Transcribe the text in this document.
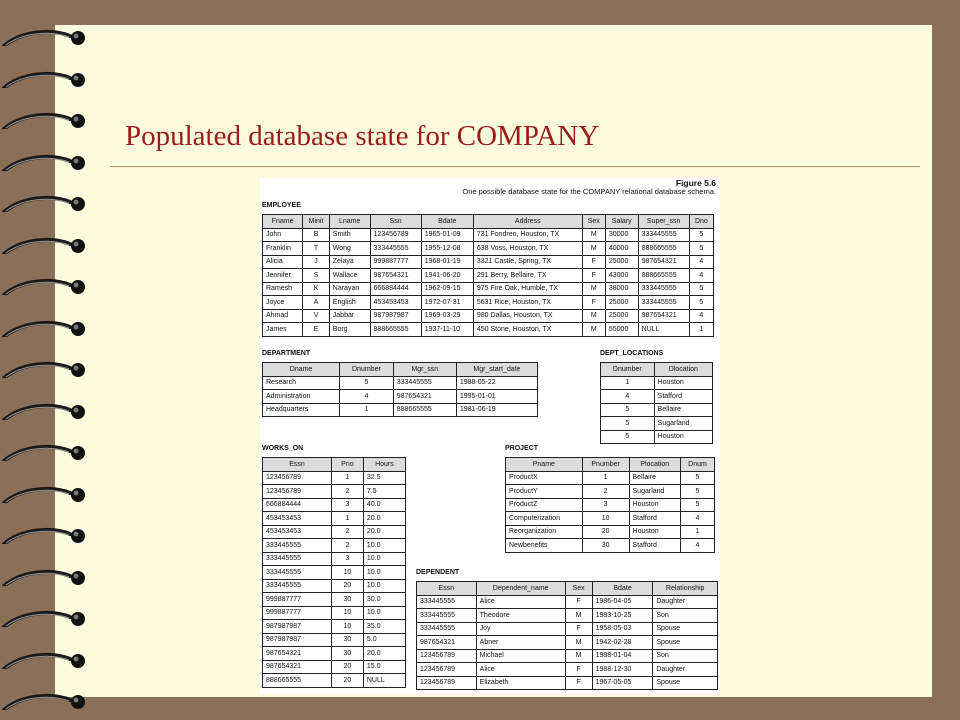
Populated database state for COMPANY
Figure 5.6
One possible database state for the COMPANY relational database schema.
EMPLOYEE
Fname	Minit	Lname	Ssn	Bdate	Address	Sex	Salary	Super_ssn	Dno
John	B	Smith	123456789	1965-01-09	731 Fondren, Houston, TX	M	30000	333445555	5
Franklin	T	Wong	333445555	1955-12-08	638 Voss, Houston, TX	M	40000	888665555	5
Alicia	J	Zelaya	999887777	1968-01-19	3321 Castle, Spring, TX	F	25000	987654321	4
Jennifer	S	Wallace	987654321	1941-06-20	291 Berry, Bellaire, TX	F	43000	888665555	4
Ramesh	K	Narayan	666884444	1962-09-15	975 Fire Oak, Humble, TX	M	38000	333445555	5
Joyce	A	English	453453453	1972-07-31	5631 Rice, Houston, TX	F	25000	333445555	5
Ahmad	V	Jabbar	987987987	1969-03-29	980 Dallas, Houston, TX	M	25000	987654321	4
James	E	Borg	888665555	1937-11-10	450 Stone, Houston, TX	M	55000	NULL	1
DEPARTMENT
Dname	Dnumber	Mgr_ssn	Mgr_start_date
Research	5	333445555	1988-05-22
Administration	4	987654321	1995-01-01
Headquarters	1	888665555	1981-06-19
DEPT_LOCATIONS
Dnumber	Dlocation
1	Houston
4	Stafford
5	Bellaire
5	Sugarland
5	Houston
WORKS_ON
Essn	Pno	Hours
123456789	1	32.5
123456789	2	7.5
666884444	3	40.0
453453453	1	20.0
453453453	2	20.0
333445555	2	10.0
333445555	3	10.0
333445555	10	10.0
333445555	20	10.0
999887777	30	30.0
999887777	10	10.0
987987987	10	35.0
987987987	30	5.0
987654321	30	20.0
987654321	20	15.0
888665555	20	NULL
PROJECT
Pname	Pnumber	Plocation	Dnum
ProductX	1	Bellaire	5
ProductY	2	Sugarland	5
ProductZ	3	Houston	5
Computerization	10	Stafford	4
Reorganization	20	Houston	1
Newbenefits	30	Stafford	4
DEPENDENT
Essn	Dependent_name	Sex	Bdate	Relationship
333445555	Alice	F	1986-04-05	Daughter
333445555	Theodore	M	1983-10-25	Son
333445555	Joy	F	1958-05-03	Spouse
987654321	Abner	M	1942-02-28	Spouse
123456789	Michael	M	1988-01-04	Son
123456789	Alice	F	1988-12-30	Daughter
123456789	Elizabeth	F	1967-05-05	Spouse
